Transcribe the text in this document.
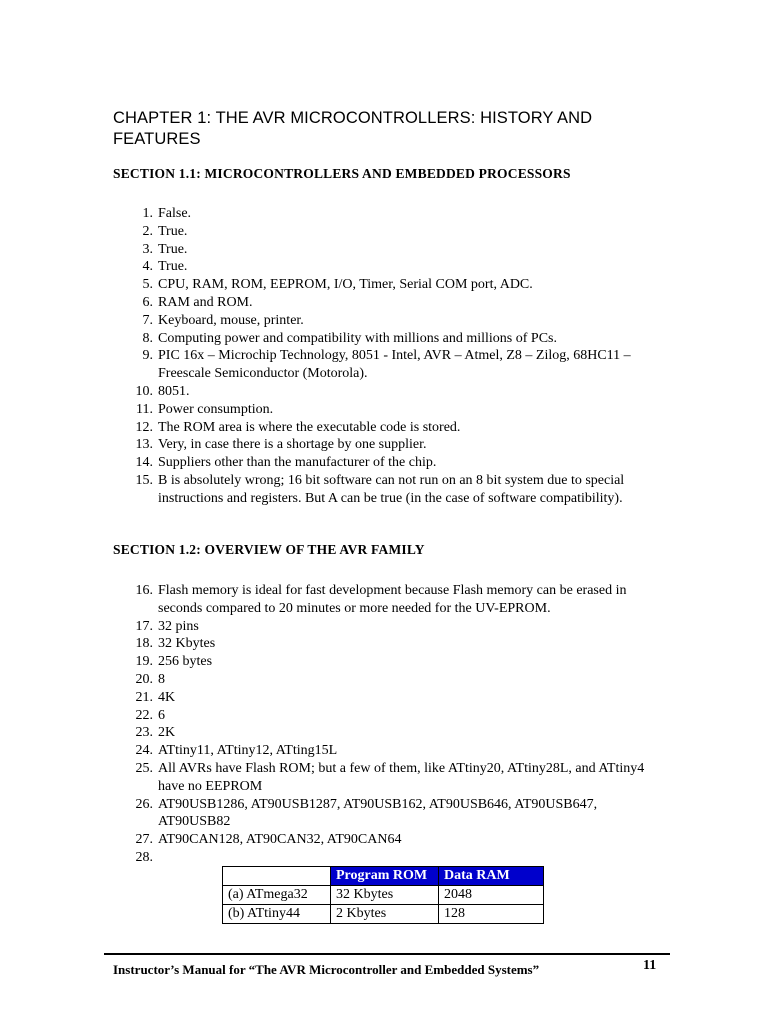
CHAPTER 1: THE AVR MICROCONTROLLERS: HISTORY AND FEATURES
SECTION 1.1: MICROCONTROLLERS AND EMBEDDED PROCESSORS
1. False.
2. True.
3. True.
4. True.
5. CPU, RAM, ROM, EEPROM, I/O, Timer, Serial COM port, ADC.
6. RAM and ROM.
7. Keyboard, mouse, printer.
8. Computing power and compatibility with millions and millions of PCs.
9. PIC 16x – Microchip Technology, 8051 - Intel, AVR – Atmel, Z8 – Zilog, 68HC11 – Freescale Semiconductor (Motorola).
10. 8051.
11. Power consumption.
12. The ROM area is where the executable code is stored.
13. Very, in case there is a shortage by one supplier.
14. Suppliers other than the manufacturer of the chip.
15. B is absolutely wrong; 16 bit software can not run on an 8 bit system due to special instructions and registers. But A can be true (in the case of software compatibility).
SECTION 1.2: OVERVIEW OF THE AVR FAMILY
16. Flash memory is ideal for fast development because Flash memory can be erased in seconds compared to 20 minutes or more needed for the UV-EPROM.
17. 32 pins
18. 32 Kbytes
19. 256 bytes
20. 8
21. 4K
22. 6
23. 2K
24. ATtiny11, ATtiny12, ATting15L
25. All AVRs have Flash ROM; but a few of them, like ATtiny20, ATtiny28L, and ATtiny4 have no EEPROM
26. AT90USB1286, AT90USB1287, AT90USB162, AT90USB646, AT90USB647, AT90USB82
27. AT90CAN128, AT90CAN32, AT90CAN64
28.
	Program ROM	Data RAM
(a) ATmega32	32 Kbytes	2048
(b) ATtiny44	2 Kbytes	128
Instructor’s Manual for “The AVR Microcontroller and Embedded Systems”	11
